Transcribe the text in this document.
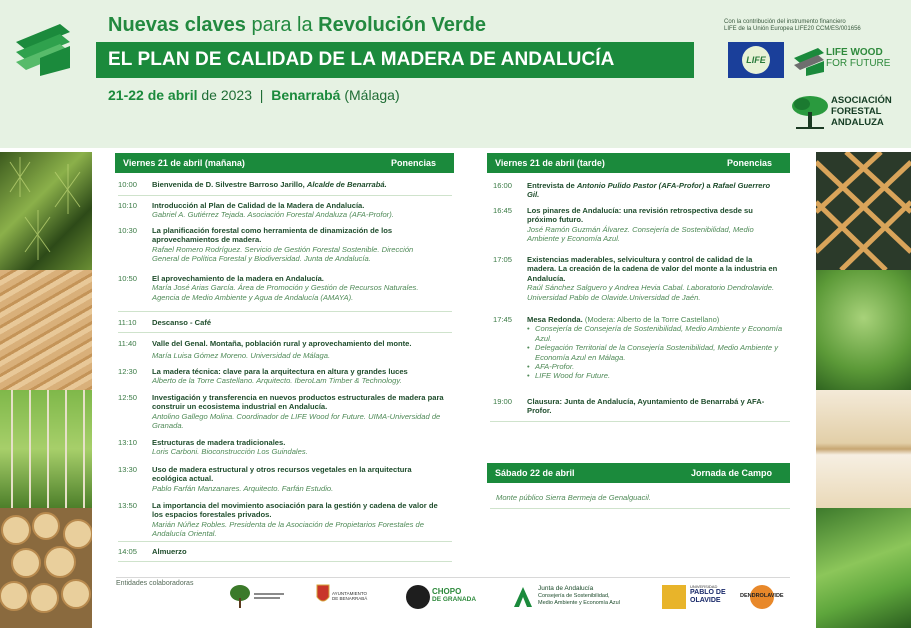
Nuevas claves para la Revolución Verde
EL PLAN DE CALIDAD DE LA MADERA DE ANDALUCÍA
21-22 de abril de 2023 | Benarrabá (Málaga)
Con la contribución del instrumento financiero
LIFE de la Unión Europea LIFE20 CCM/ES/001656
LIFE
LIFE WOOD
FOR FUTURE
ASOCIACIÓN
FORESTAL
ANDALUZA
Viernes 21 de abril (mañana)	Ponencias
10:00	Bienvenida de D. Silvestre Barroso Jarillo, Alcalde de Benarrabá.
10:10	Introducción al Plan de Calidad de la Madera de Andalucía.
Gabriel A. Gutiérrez Tejada. Asociación Forestal Andaluza (AFA-Profor).
10:30	La planificación forestal como herramienta de dinamización de los aprovechamientos de madera.
Rafael Romero Rodríguez. Servicio de Gestión Forestal Sostenible. Dirección General de Política Forestal y Biodiversidad. Junta de Andalucía.
10:50	El aprovechamiento de la madera en Andalucía.
María José Arias García. Área de Promoción y Gestión de Recursos Naturales. Agencia de Medio Ambiente y Agua de Andalucía (AMAYA).
11:10	Descanso - Café
11:40	Valle del Genal. Montaña, población rural y aprovechamiento del monte.
María Luisa Gómez Moreno. Universidad de Málaga.
12:30	La madera técnica: clave para la arquitectura en altura y grandes luces
Alberto de la Torre Castellano. Arquitecto. IberoLam Timber & Technology.
12:50	Investigación y transferencia en nuevos productos estructurales de madera para construir un ecosistema industrial en Andalucía.
Antolino Gallego Molina. Coordinador de LIFE Wood for Future. UIMA-Universidad de Granada.
13:10	Estructuras de madera tradicionales.
Loris Carboni. Bioconstrucción Los Guindales.
13:30	Uso de madera estructural y otros recursos vegetales en la arquitectura ecológica actual.
Pablo Farfán Manzanares. Arquitecto. Farfán Estudio.
13:50	La importancia del movimiento asociación para la gestión y cadena de valor de los espacios forestales privados.
Marián Núñez Robles. Presidenta de la Asociación de Propietarios Forestales de Andalucía Oriental.
14:05	Almuerzo
Viernes 21 de abril (tarde)	Ponencias
16:00	Entrevista de Antonio Pulido Pastor (AFA-Profor) a Rafael Guerrero Gil.
16:45	Los pinares de Andalucía: una revisión retrospectiva desde su próximo futuro.
José Ramón Guzmán Álvarez. Consejería de Sostenibilidad, Medio Ambiente y Economía Azul.
17:05	Existencias maderables, selvicultura y control de calidad de la madera. La creación de la cadena de valor del monte a la industria en Andalucía.
Raúl Sánchez Salguero y Andrea Hevia Cabal. Laboratorio Dendrolavide. Universidad Pablo de Olavide.Universidad de Jaén.
17:45	Mesa Redonda. (Modera: Alberto de la Torre Castellano)
• Consejería de Consejería de Sostenibilidad, Medio Ambiente y Economía Azul.
• Delegación Territorial de la Consejería Sostenibilidad, Medio Ambiente y Economía Azul en Málaga.
• AFA-Profor.
• LIFE Wood for Future.
19:00	Clausura: Junta de Andalucía, Ayuntamiento de Benarrabá y AFA-Profor.
Sábado 22 de abril	Jornada de Campo
Monte público Sierra Bermeja de Genalguacil.
Entidades colaboradoras
AYUNTAMIENTO DE BENARRABÁ
CHOPO
DE GRANADA
Junta de Andalucía
Consejería de Sostenibilidad,
Medio Ambiente y Economía Azul
UNIVERSIDAD
PABLO DE
OLAVIDE
DENDROLAVIDE
